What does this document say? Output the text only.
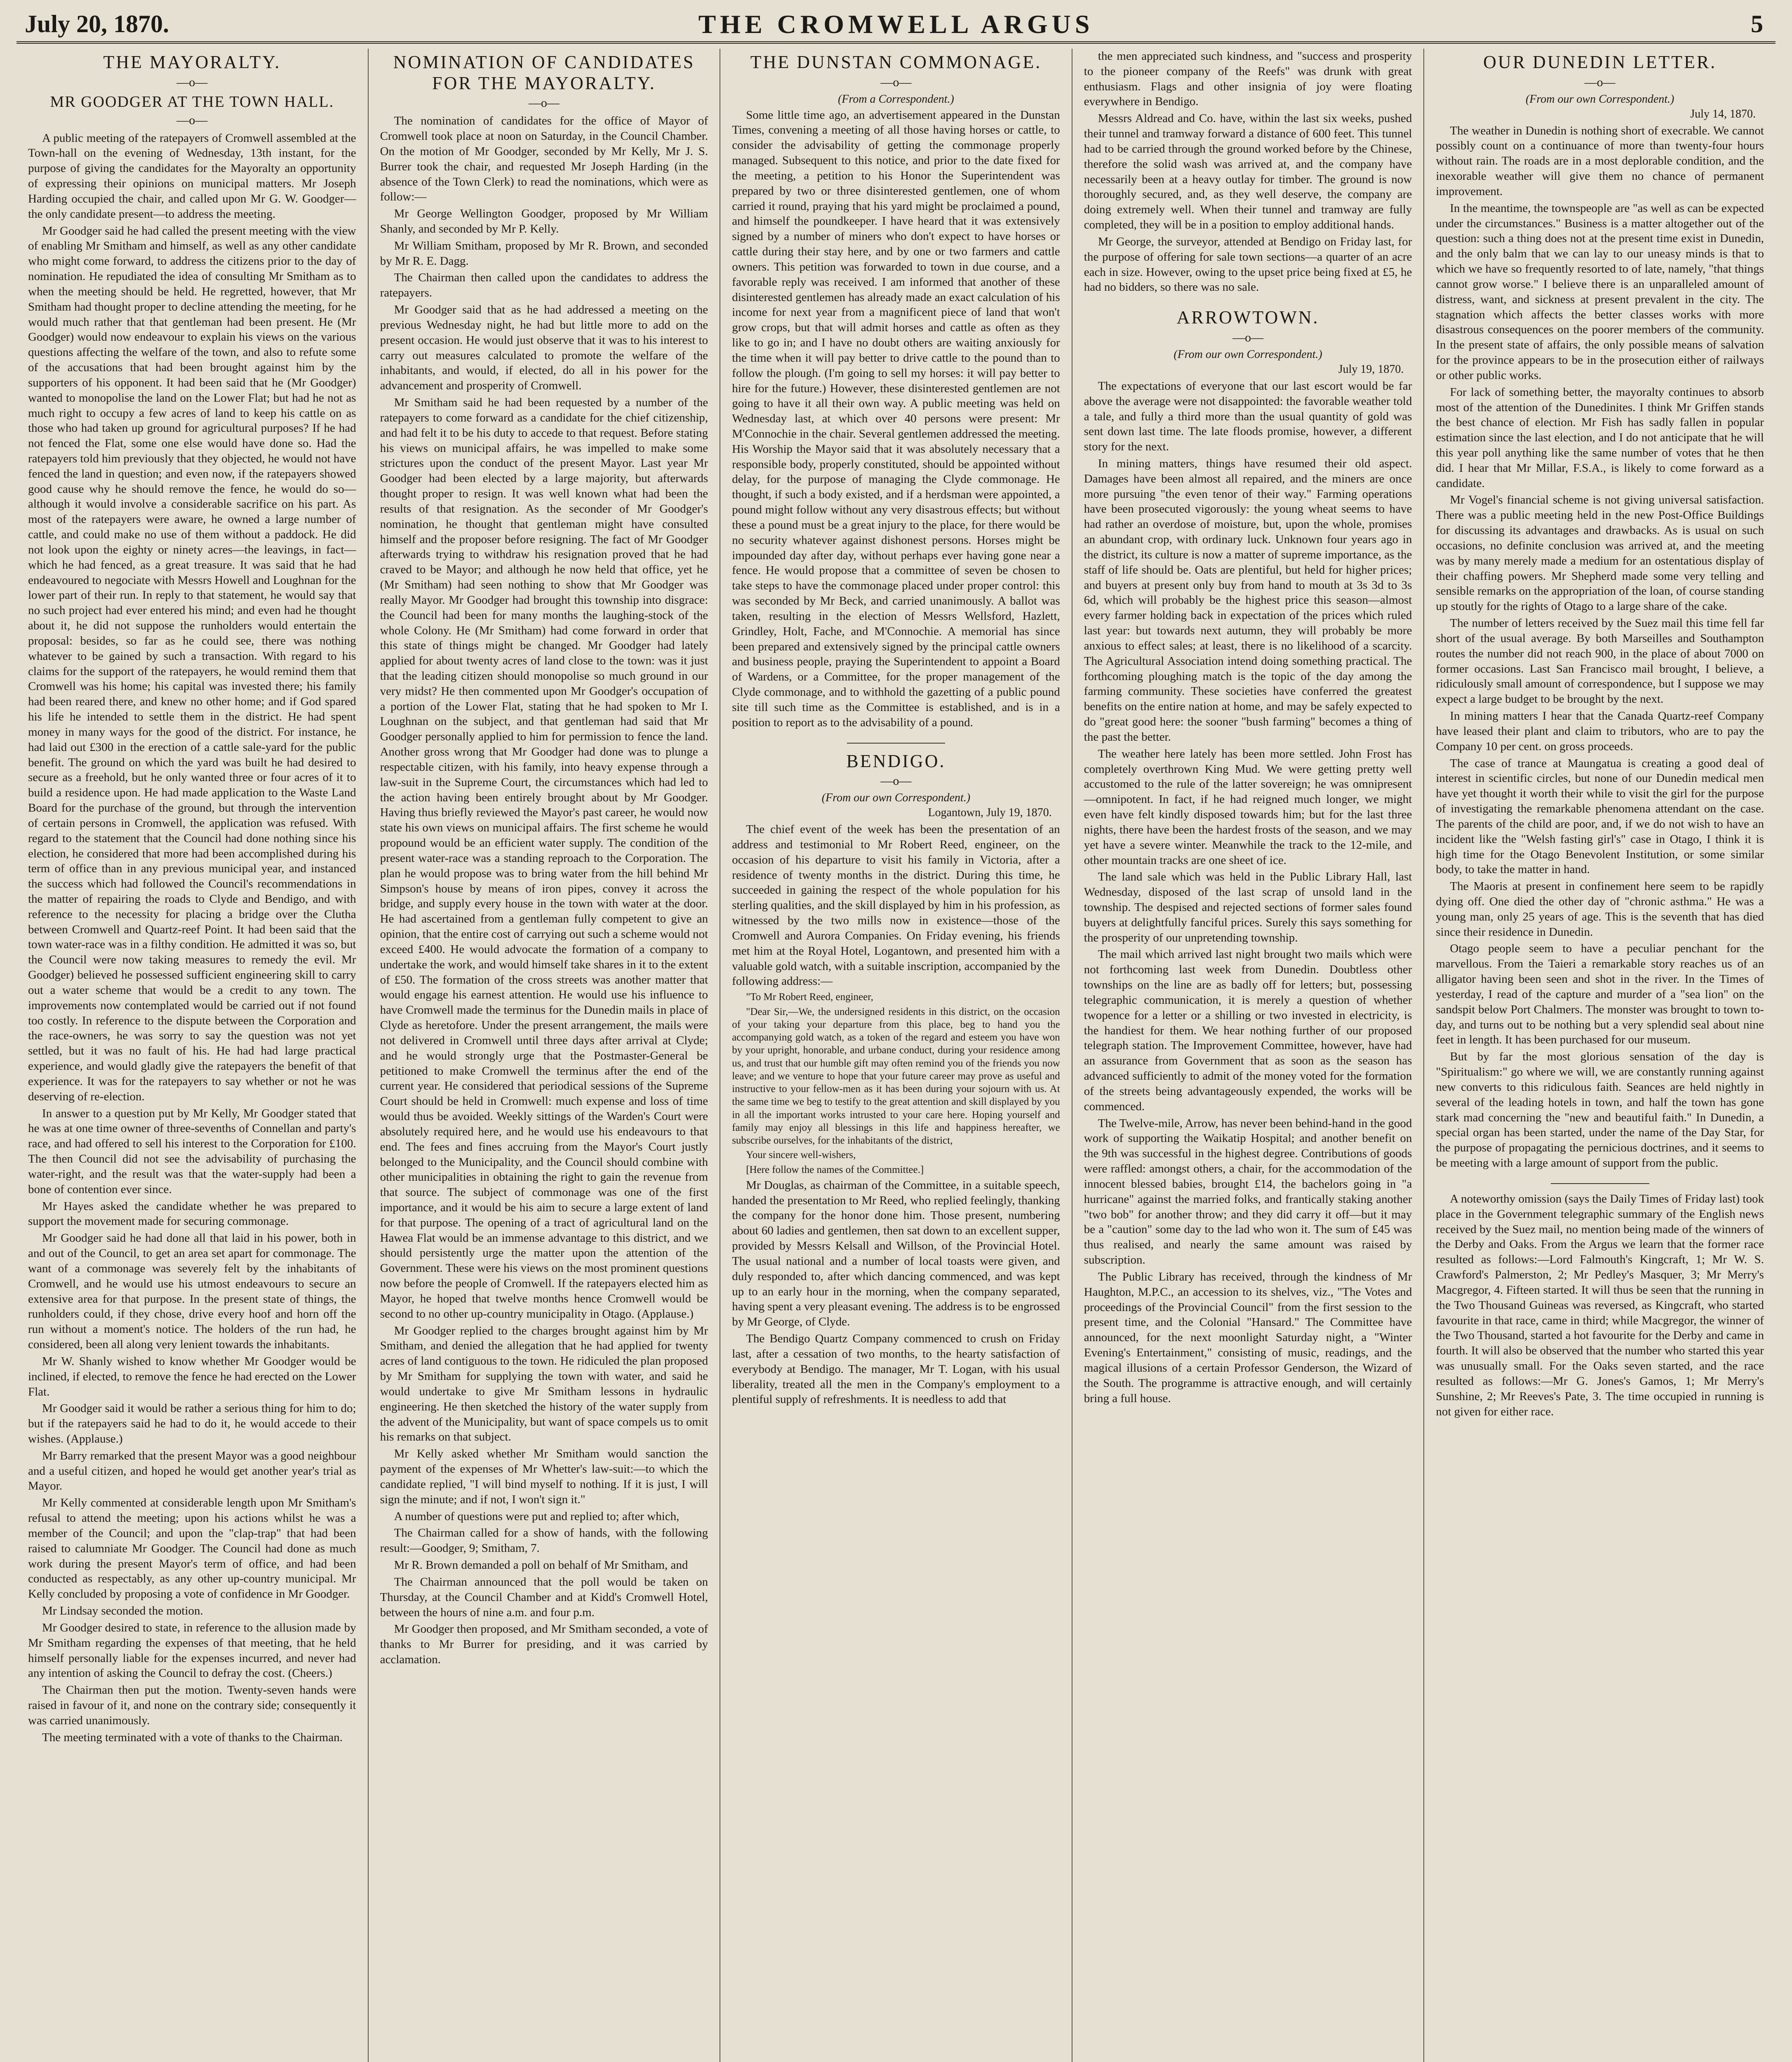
July 20, 1870.	THE CROMWELL ARGUS	5
THE MAYORALTY.
—o—
MR GOODGER AT THE TOWN HALL.
—o—

A public meeting of the ratepayers of Cromwell assembled at the Town-hall on the evening of Wednesday, 13th instant, for the purpose of giving the candidates for the Mayoralty an opportunity of expressing their opinions on municipal matters. Mr Joseph Harding occupied the chair, and called upon Mr G. W. Goodger—the only candidate present—to address the meeting.

Mr Goodger said he had called the present meeting with the view of enabling Mr Smitham and himself, as well as any other candidate who might come forward, to address the citizens prior to the day of nomination. He repudiated the idea of consulting Mr Smitham as to when the meeting should be held. He regretted, however, that Mr Smitham had thought proper to decline attending the meeting, for he would much rather that that gentleman had been present. He (Mr Goodger) would now endeavour to explain his views on the various questions affecting the welfare of the town, and also to refute some of the accusations that had been brought against him by the supporters of his opponent. It had been said that he (Mr Goodger) wanted to monopolise the land on the Lower Flat; but had he not as much right to occupy a few acres of land to keep his cattle on as those who had taken up ground for agricultural purposes? If he had not fenced the Flat, some one else would have done so. Had the ratepayers told him previously that they objected, he would not have fenced the land in question; and even now, if the ratepayers showed good cause why he should remove the fence, he would do so—although it would involve a considerable sacrifice on his part. As most of the ratepayers were aware, he owned a large number of cattle, and could make no use of them without a paddock. He did not look upon the eighty or ninety acres—the leavings, in fact—which he had fenced, as a great treasure. It was said that he had endeavoured to negociate with Messrs Howell and Loughnan for the lower part of their run. In reply to that statement, he would say that no such project had ever entered his mind; and even had he thought about it, he did not suppose the runholders would entertain the proposal: besides, so far as he could see, there was nothing whatever to be gained by such a transaction. With regard to his claims for the support of the ratepayers, he would remind them that Cromwell was his home; his capital was invested there; his family had been reared there, and knew no other home; and if God spared his life he intended to settle them in the district. He had spent money in many ways for the good of the district. For instance, he had laid out £300 in the erection of a cattle sale-yard for the public benefit. The ground on which the yard was built he had desired to secure as a freehold, but he only wanted three or four acres of it to build a residence upon. He had made application to the Waste Land Board for the purchase of the ground, but through the intervention of certain persons in Cromwell, the application was refused. With regard to the statement that the Council had done nothing since his election, he considered that more had been accomplished during his term of office than in any previous municipal year, and instanced the success which had followed the Council's recommendations in the matter of repairing the roads to Clyde and Bendigo, and with reference to the necessity for placing a bridge over the Clutha between Cromwell and Quartz-reef Point. It had been said that the town water-race was in a filthy condition. He admitted it was so, but the Council were now taking measures to remedy the evil. Mr Goodger) believed he possessed sufficient engineering skill to carry out a water scheme that would be a credit to any town. The improvements now contemplated would be carried out if not found too costly. In reference to the dispute between the Corporation and the race-owners, he was sorry to say the question was not yet settled, but it was no fault of his. He had had large practical experience, and would gladly give the ratepayers the benefit of that experience. It was for the ratepayers to say whether or not he was deserving of re-election.

In answer to a question put by Mr Kelly, Mr Goodger stated that he was at one time owner of three-sevenths of Connellan and party's race, and had offered to sell his interest to the Corporation for £100. The then Council did not see the advisability of purchasing the water-right, and the result was that the water-supply had been a bone of contention ever since.

Mr Hayes asked the candidate whether he was prepared to support the movement made for securing commonage.

Mr Goodger said he had done all that laid in his power, both in and out of the Council, to get an area set apart for commonage. The want of a commonage was severely felt by the inhabitants of Cromwell, and he would use his utmost endeavours to secure an extensive area for that purpose. In the present state of things, the runholders could, if they chose, drive every hoof and horn off the run without a moment's notice. The holders of the run had, he considered, been all along very lenient towards the inhabitants.

Mr W. Shanly wished to know whether Mr Goodger would be inclined, if elected, to remove the fence he had erected on the Lower Flat.

Mr Goodger said it would be rather a serious thing for him to do; but if the ratepayers said he had to do it, he would accede to their wishes. (Applause.)

Mr Barry remarked that the present Mayor was a good neighbour and a useful citizen, and hoped he would get another year's trial as Mayor.

Mr Kelly commented at considerable length upon Mr Smitham's refusal to attend the meeting; upon his actions whilst he was a member of the Council; and upon the "clap-trap" that had been raised to calumniate Mr Goodger. The Council had done as much work during the present Mayor's term of office, and had been conducted as respectably, as any other up-country municipal. Mr Kelly concluded by proposing a vote of confidence in Mr Goodger.

Mr Lindsay seconded the motion.

Mr Goodger desired to state, in reference to the allusion made by Mr Smitham regarding the expenses of that meeting, that he held himself personally liable for the expenses incurred, and never had any intention of asking the Council to defray the cost. (Cheers.)

The Chairman then put the motion. Twenty-seven hands were raised in favour of it, and none on the contrary side; consequently it was carried unanimously.

The meeting terminated with a vote of thanks to the Chairman.

NOMINATION OF CANDIDATES FOR THE MAYORALTY.
—o—

The nomination of candidates for the office of Mayor of Cromwell took place at noon on Saturday, in the Council Chamber. On the motion of Mr Goodger, seconded by Mr Kelly, Mr J. S. Burrer took the chair, and requested Mr Joseph Harding (in the absence of the Town Clerk) to read the nominations, which were as follow:—

Mr George Wellington Goodger, proposed by Mr William Shanly, and seconded by Mr P. Kelly.

Mr William Smitham, proposed by Mr R. Brown, and seconded by Mr R. E. Dagg.

The Chairman then called upon the candidates to address the ratepayers.

Mr Goodger said that as he had addressed a meeting on the previous Wednesday night, he had but little more to add on the present occasion. He would just observe that it was to his interest to carry out measures calculated to promote the welfare of the inhabitants, and would, if elected, do all in his power for the advancement and prosperity of Cromwell.

Mr Smitham said he had been requested by a number of the ratepayers to come forward as a candidate for the chief citizenship, and had felt it to be his duty to accede to that request. Before stating his views on municipal affairs, he was impelled to make some strictures upon the conduct of the present Mayor. Last year Mr Goodger had been elected by a large majority, but afterwards thought proper to resign. It was well known what had been the results of that resignation. As the seconder of Mr Goodger's nomination, he thought that gentleman might have consulted himself and the proposer before resigning. The fact of Mr Goodger afterwards trying to withdraw his resignation proved that he had craved to be Mayor; and although he now held that office, yet he (Mr Smitham) had seen nothing to show that Mr Goodger was really Mayor. Mr Goodger had brought this township into disgrace: the Council had been for many months the laughing-stock of the whole Colony. He (Mr Smitham) had come forward in order that this state of things might be changed. Mr Goodger had lately applied for about twenty acres of land close to the town: was it just that the leading citizen should monopolise so much ground in our very midst? He then commented upon Mr Goodger's occupation of a portion of the Lower Flat, stating that he had spoken to Mr I. Loughnan on the subject, and that gentleman had said that Mr Goodger personally applied to him for permission to fence the land. Another gross wrong that Mr Goodger had done was to plunge a respectable citizen, with his family, into heavy expense through a law-suit in the Supreme Court, the circumstances which had led to the action having been entirely brought about by Mr Goodger. Having thus briefly reviewed the Mayor's past career, he would now state his own views on municipal affairs. The first scheme he would propound would be an efficient water supply. The condition of the present water-race was a standing reproach to the Corporation. The plan he would propose was to bring water from the hill behind Mr Simpson's house by means of iron pipes, convey it across the bridge, and supply every house in the town with water at the door. He had ascertained from a gentleman fully competent to give an opinion, that the entire cost of carrying out such a scheme would not exceed £400. He would advocate the formation of a company to undertake the work, and would himself take shares in it to the extent of £50. The formation of the cross streets was another matter that would engage his earnest attention. He would use his influence to have Cromwell made the terminus for the Dunedin mails in place of Clyde as heretofore. Under the present arrangement, the mails were not delivered in Cromwell until three days after arrival at Clyde; and he would strongly urge that the Postmaster-General be petitioned to make Cromwell the terminus after the end of the current year. He considered that periodical sessions of the Supreme Court should be held in Cromwell: much expense and loss of time would thus be avoided. Weekly sittings of the Warden's Court were absolutely required here, and he would use his endeavours to that end. The fees and fines accruing from the Mayor's Court justly belonged to the Municipality, and the Council should combine with other municipalities in obtaining the right to gain the revenue from that source. The subject of commonage was one of the first importance, and it would be his aim to secure a large extent of land for that purpose. The opening of a tract of agricultural land on the Hawea Flat would be an immense advantage to this district, and we should persistently urge the matter upon the attention of the Government. These were his views on the most prominent questions now before the people of Cromwell. If the ratepayers elected him as Mayor, he hoped that twelve months hence Cromwell would be second to no other up-country municipality in Otago. (Applause.)

Mr Goodger replied to the charges brought against him by Mr Smitham, and denied the allegation that he had applied for twenty acres of land contiguous to the town. He ridiculed the plan proposed by Mr Smitham for supplying the town with water, and said he would undertake to give Mr Smitham lessons in hydraulic engineering. He then sketched the history of the water supply from the advent of the Municipality, but want of space compels us to omit his remarks on that subject.

Mr Kelly asked whether Mr Smitham would sanction the payment of the expenses of Mr Whetter's law-suit:—to which the candidate replied, "I will bind myself to nothing. If it is just, I will sign the minute; and if not, I won't sign it."

A number of questions were put and replied to; after which,

The Chairman called for a show of hands, with the following result:—Goodger, 9; Smitham, 7.

Mr R. Brown demanded a poll on behalf of Mr Smitham, and

The Chairman announced that the poll would be taken on Thursday, at the Council Chamber and at Kidd's Cromwell Hotel, between the hours of nine a.m. and four p.m.

Mr Goodger then proposed, and Mr Smitham seconded, a vote of thanks to Mr Burrer for presiding, and it was carried by acclamation.

THE DUNSTAN COMMONAGE.
—o—
(From a Correspondent.)

Some little time ago, an advertisement appeared in the Dunstan Times, convening a meeting of all those having horses or cattle, to consider the advisability of getting the commonage properly managed. Subsequent to this notice, and prior to the date fixed for the meeting, a petition to his Honor the Superintendent was prepared by two or three disinterested gentlemen, one of whom carried it round, praying that his yard might be proclaimed a pound, and himself the poundkeeper. I have heard that it was extensively signed by a number of miners who don't expect to have horses or cattle during their stay here, and by one or two farmers and cattle owners. This petition was forwarded to town in due course, and a favorable reply was received. I am informed that another of these disinterested gentlemen has already made an exact calculation of his income for next year from a magnificent piece of land that won't grow crops, but that will admit horses and cattle as often as they like to go in; and I have no doubt others are waiting anxiously for the time when it will pay better to drive cattle to the pound than to follow the plough. (I'm going to sell my horses: it will pay better to hire for the future.) However, these disinterested gentlemen are not going to have it all their own way. A public meeting was held on Wednesday last, at which over 40 persons were present: Mr M'Connochie in the chair. Several gentlemen addressed the meeting. His Worship the Mayor said that it was absolutely necessary that a responsible body, properly constituted, should be appointed without delay, for the purpose of managing the Clyde commonage. He thought, if such a body existed, and if a herdsman were appointed, a pound might follow without any very disastrous effects; but without these a pound must be a great injury to the place, for there would be no security whatever against dishonest persons. Horses might be impounded day after day, without perhaps ever having gone near a fence. He would propose that a committee of seven be chosen to take steps to have the commonage placed under proper control: this was seconded by Mr Beck, and carried unanimously. A ballot was taken, resulting in the election of Messrs Wellsford, Hazlett, Grindley, Holt, Fache, and M'Connochie. A memorial has since been prepared and extensively signed by the principal cattle owners and business people, praying the Superintendent to appoint a Board of Wardens, or a Committee, for the proper management of the Clyde commonage, and to withhold the gazetting of a public pound site till such time as the Committee is established, and is in a position to report as to the advisability of a pound.

BENDIGO.
—o—
(From our own Correspondent.)
Logantown, July 19, 1870.

The chief event of the week has been the presentation of an address and testimonial to Mr Robert Reed, engineer, on the occasion of his departure to visit his family in Victoria, after a residence of twenty months in the district. During this time, he succeeded in gaining the respect of the whole population for his sterling qualities, and the skill displayed by him in his profession, as witnessed by the two mills now in existence—those of the Cromwell and Aurora Companies. On Friday evening, his friends met him at the Royal Hotel, Logantown, and presented him with a valuable gold watch, with a suitable inscription, accompanied by the following address:—

"To Mr Robert Reed, engineer,

"Dear Sir,—We, the undersigned residents in this district, on the occasion of your taking your departure from this place, beg to hand you the accompanying gold watch, as a token of the regard and esteem you have won by your upright, honorable, and urbane conduct, during your residence among us, and trust that our humble gift may often remind you of the friends you now leave; and we venture to hope that your future career may prove as useful and instructive to your fellow-men as it has been during your sojourn with us. At the same time we beg to testify to the great attention and skill displayed by you in all the important works intrusted to your care here. Hoping yourself and family may enjoy all blessings in this life and happiness hereafter, we subscribe ourselves, for the inhabitants of the district,

Your sincere well-wishers,

[Here follow the names of the Committee.]

Mr Douglas, as chairman of the Committee, in a suitable speech, handed the presentation to Mr Reed, who replied feelingly, thanking the company for the honor done him. Those present, numbering about 60 ladies and gentlemen, then sat down to an excellent supper, provided by Messrs Kelsall and Willson, of the Provincial Hotel. The usual national and a number of local toasts were given, and duly responded to, after which dancing commenced, and was kept up to an early hour in the morning, when the company separated, having spent a very pleasant evening. The address is to be engrossed by Mr George, of Clyde.

The Bendigo Quartz Company commenced to crush on Friday last, after a cessation of two months, to the hearty satisfaction of everybody at Bendigo. The manager, Mr T. Logan, with his usual liberality, treated all the men in the Company's employment to a plentiful supply of refreshments. It is needless to add that

the men appreciated such kindness, and "success and prosperity to the pioneer company of the Reefs" was drunk with great enthusiasm. Flags and other insignia of joy were floating everywhere in Bendigo.

Messrs Aldread and Co. have, within the last six weeks, pushed their tunnel and tramway forward a distance of 600 feet. This tunnel had to be carried through the ground worked before by the Chinese, therefore the solid wash was arrived at, and the company have necessarily been at a heavy outlay for timber. The ground is now thoroughly secured, and, as they well deserve, the company are doing extremely well. When their tunnel and tramway are fully completed, they will be in a position to employ additional hands.

Mr George, the surveyor, attended at Bendigo on Friday last, for the purpose of offering for sale town sections—a quarter of an acre each in size. However, owing to the upset price being fixed at £5, he had no bidders, so there was no sale.

ARROWTOWN.
—o—
(From our own Correspondent.)
July 19, 1870.

The expectations of everyone that our last escort would be far above the average were not disappointed: the favorable weather told a tale, and fully a third more than the usual quantity of gold was sent down last time. The late floods promise, however, a different story for the next.

In mining matters, things have resumed their old aspect. Damages have been almost all repaired, and the miners are once more pursuing "the even tenor of their way." Farming operations have been prosecuted vigorously: the young wheat seems to have had rather an overdose of moisture, but, upon the whole, promises an abundant crop, with ordinary luck. Unknown four years ago in the district, its culture is now a matter of supreme importance, as the staff of life should be. Oats are plentiful, but held for higher prices; and buyers at present only buy from hand to mouth at 3s 3d to 3s 6d, which will probably be the highest price this season—almost every farmer holding back in expectation of the prices which ruled last year: but towards next autumn, they will probably be more anxious to effect sales; at least, there is no likelihood of a scarcity. The Agricultural Association intend doing something practical. The forthcoming ploughing match is the topic of the day among the farming community. These societies have conferred the greatest benefits on the entire nation at home, and may be safely expected to do "great good here: the sooner "bush farming" becomes a thing of the past the better.

The weather here lately has been more settled. John Frost has completely overthrown King Mud. We were getting pretty well accustomed to the rule of the latter sovereign; he was omnipresent—omnipotent. In fact, if he had reigned much longer, we might even have felt kindly disposed towards him; but for the last three nights, there have been the hardest frosts of the season, and we may yet have a severe winter. Meanwhile the track to the 12-mile, and other mountain tracks are one sheet of ice.

The land sale which was held in the Public Library Hall, last Wednesday, disposed of the last scrap of unsold land in the township. The despised and rejected sections of former sales found buyers at delightfully fanciful prices. Surely this says something for the prosperity of our unpretending township.

The mail which arrived last night brought two mails which were not forthcoming last week from Dunedin. Doubtless other townships on the line are as badly off for letters; but, possessing telegraphic communication, it is merely a question of whether twopence for a letter or a shilling or two invested in electricity, is the handiest for them. We hear nothing further of our proposed telegraph station. The Improvement Committee, however, have had an assurance from Government that as soon as the season has advanced sufficiently to admit of the money voted for the formation of the streets being advantageously expended, the works will be commenced.

The Twelve-mile, Arrow, has never been behind-hand in the good work of supporting the Waikatip Hospital; and another benefit on the 9th was successful in the highest degree. Contributions of goods were raffled: amongst others, a chair, for the accommodation of the innocent blessed babies, brought £14, the bachelors going in "a hurricane" against the married folks, and frantically staking another "two bob" for another throw; and they did carry it off—but it may be a "caution" some day to the lad who won it. The sum of £45 was thus realised, and nearly the same amount was raised by subscription.

The Public Library has received, through the kindness of Mr Haughton, M.P.C., an accession to its shelves, viz., "The Votes and proceedings of the Provincial Council" from the first session to the present time, and the Colonial "Hansard." The Committee have announced, for the next moonlight Saturday night, a "Winter Evening's Entertainment," consisting of music, readings, and the magical illusions of a certain Professor Genderson, the Wizard of the South. The programme is attractive enough, and will certainly bring a full house.

OUR DUNEDIN LETTER.
—o—
(From our own Correspondent.)
July 14, 1870.

The weather in Dunedin is nothing short of execrable. We cannot possibly count on a continuance of more than twenty-four hours without rain. The roads are in a most deplorable condition, and the inexorable weather will give them no chance of permanent improvement.

In the meantime, the townspeople are "as well as can be expected under the circumstances." Business is a matter altogether out of the question: such a thing does not at the present time exist in Dunedin, and the only balm that we can lay to our uneasy minds is that to which we have so frequently resorted to of late, namely, "that things cannot grow worse." I believe there is an unparalleled amount of distress, want, and sickness at present prevalent in the city. The stagnation which affects the better classes works with more disastrous consequences on the poorer members of the community. In the present state of affairs, the only possible means of salvation for the province appears to be in the prosecution either of railways or other public works.

For lack of something better, the mayoralty continues to absorb most of the attention of the Dunedinites. I think Mr Griffen stands the best chance of election. Mr Fish has sadly fallen in popular estimation since the last election, and I do not anticipate that he will this year poll anything like the same number of votes that he then did. I hear that Mr Millar, F.S.A., is likely to come forward as a candidate.

Mr Vogel's financial scheme is not giving universal satisfaction. There was a public meeting held in the new Post-Office Buildings for discussing its advantages and drawbacks. As is usual on such occasions, no definite conclusion was arrived at, and the meeting was by many merely made a medium for an ostentatious display of their chaffing powers. Mr Shepherd made some very telling and sensible remarks on the appropriation of the loan, of course standing up stoutly for the rights of Otago to a large share of the cake.

The number of letters received by the Suez mail this time fell far short of the usual average. By both Marseilles and Southampton routes the number did not reach 900, in the place of about 7000 on former occasions. Last San Francisco mail brought, I believe, a ridiculously small amount of correspondence, but I suppose we may expect a large budget to be brought by the next.

In mining matters I hear that the Canada Quartz-reef Company have leased their plant and claim to tributors, who are to pay the Company 10 per cent. on gross proceeds.

The case of trance at Maungatua is creating a good deal of interest in scientific circles, but none of our Dunedin medical men have yet thought it worth their while to visit the girl for the purpose of investigating the remarkable phenomena attendant on the case. The parents of the child are poor, and, if we do not wish to have an incident like the "Welsh fasting girl's" case in Otago, I think it is high time for the Otago Benevolent Institution, or some similar body, to take the matter in hand.

The Maoris at present in confinement here seem to be rapidly dying off. One died the other day of "chronic asthma." He was a young man, only 25 years of age. This is the seventh that has died since their residence in Dunedin.

Otago people seem to have a peculiar penchant for the marvellous. From the Taieri a remarkable story reaches us of an alligator having been seen and shot in the river. In the Times of yesterday, I read of the capture and murder of a "sea lion" on the sandspit below Port Chalmers. The monster was brought to town to-day, and turns out to be nothing but a very splendid seal about nine feet in length. It has been purchased for our museum.

But by far the most glorious sensation of the day is "Spiritualism:" go where we will, we are constantly running against new converts to this ridiculous faith. Seances are held nightly in several of the leading hotels in town, and half the town has gone stark mad concerning the "new and beautiful faith." In Dunedin, a special organ has been started, under the name of the Day Star, for the purpose of propagating the pernicious doctrines, and it seems to be meeting with a large amount of support from the public.

A noteworthy omission (says the Daily Times of Friday last) took place in the Government telegraphic summary of the English news received by the Suez mail, no mention being made of the winners of the Derby and Oaks. From the Argus we learn that the former race resulted as follows:—Lord Falmouth's Kingcraft, 1; Mr W. S. Crawford's Palmerston, 2; Mr Pedley's Masquer, 3; Mr Merry's Macgregor, 4. Fifteen started. It will thus be seen that the running in the Two Thousand Guineas was reversed, as Kingcraft, who started favourite in that race, came in third; while Macgregor, the winner of the Two Thousand, started a hot favourite for the Derby and came in fourth. It will also be observed that the number who started this year was unusually small. For the Oaks seven started, and the race resulted as follows:—Mr G. Jones's Gamos, 1; Mr Merry's Sunshine, 2; Mr Reeves's Pate, 3. The time occupied in running is not given for either race.
